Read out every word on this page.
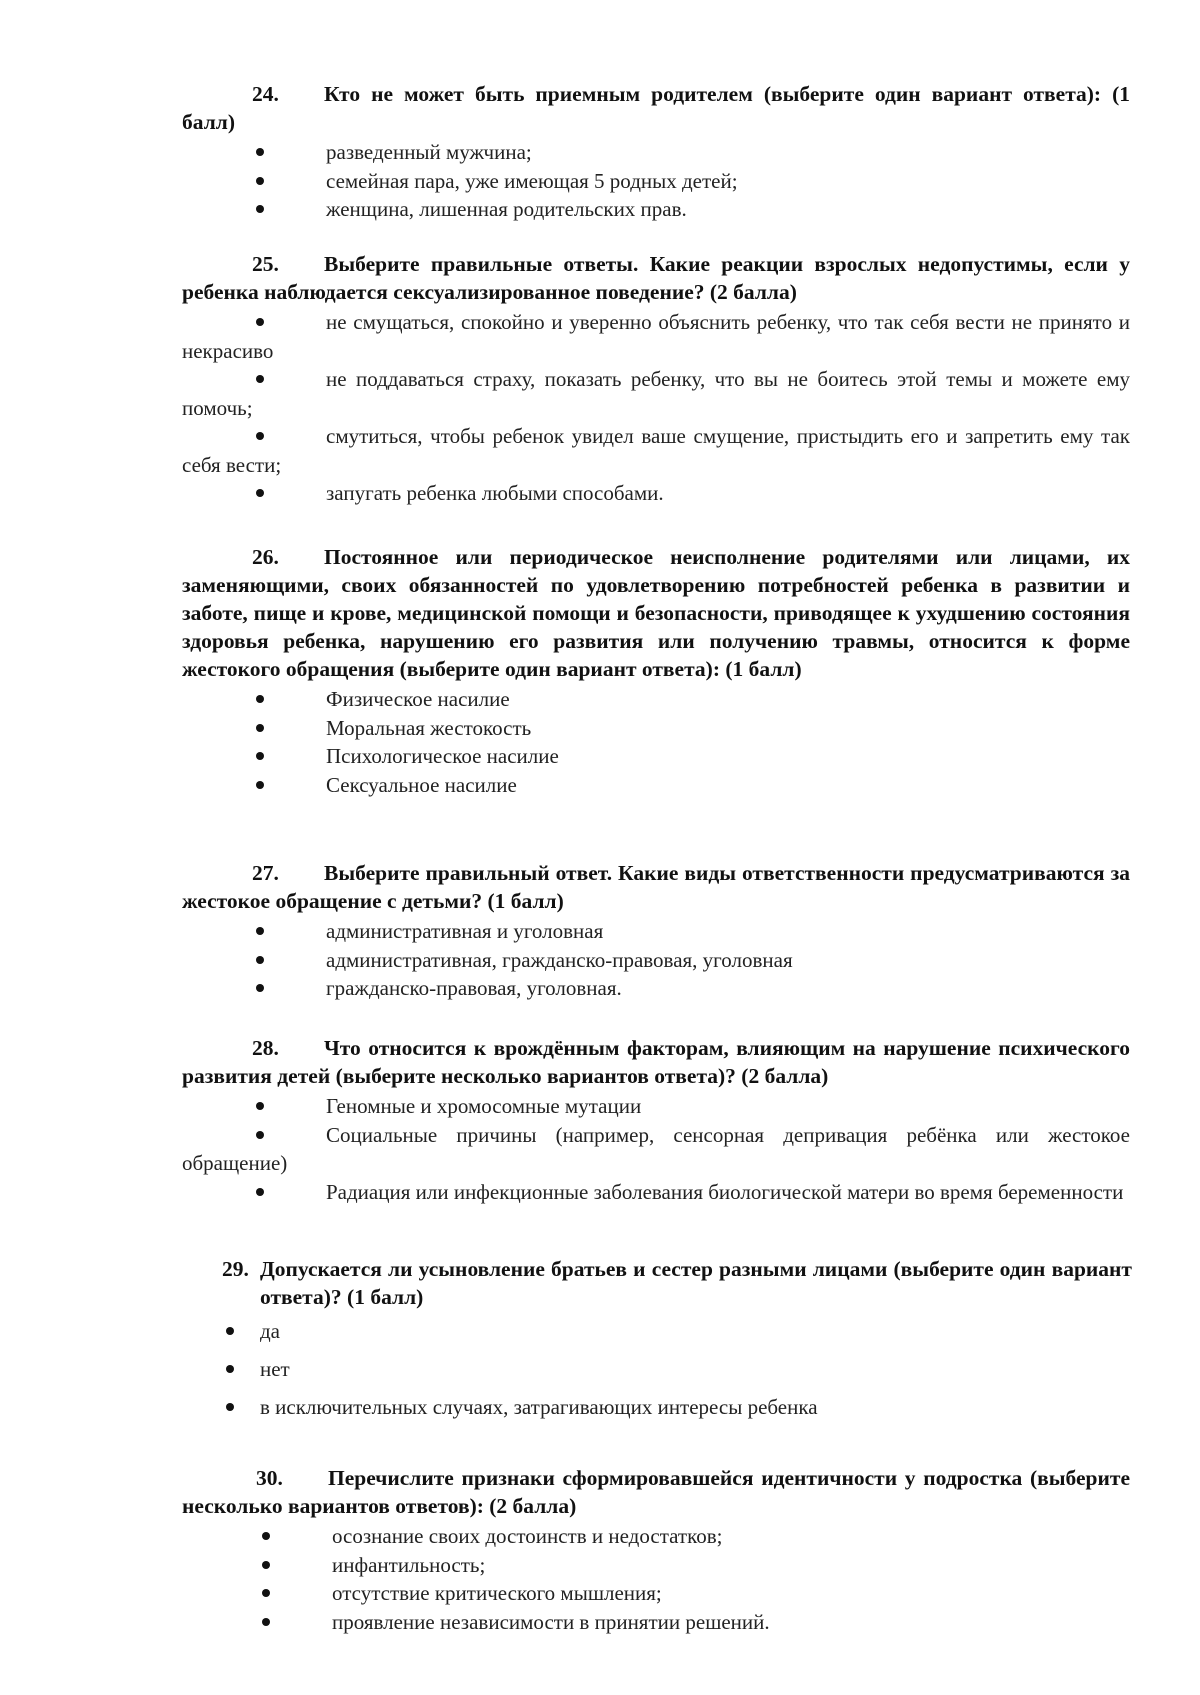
24. Кто не может быть приемным родителем (выберите один вариант ответа): (1 балл)
разведенный мужчина;
семейная пара, уже имеющая 5 родных детей;
женщина, лишенная родительских прав.
25. Выберите правильные ответы. Какие реакции взрослых недопустимы, если у ребенка наблюдается сексуализированное поведение? (2 балла)
не смущаться, спокойно и уверенно объяснить ребенку, что так себя вести не принято и некрасиво
не поддаваться страху, показать ребенку, что вы не боитесь этой темы и можете ему помочь;
смутиться, чтобы ребенок увидел ваше смущение, пристыдить его и запретить ему так себя вести;
запугать ребенка любыми способами.
26. Постоянное или периодическое неисполнение родителями или лицами, их заменяющими, своих обязанностей по удовлетворению потребностей ребенка в развитии и заботе, пище и крове, медицинской помощи и безопасности, приводящее к ухудшению состояния здоровья ребенка, нарушению его развития или получению травмы, относится к форме жестокого обращения (выберите один вариант ответа): (1 балл)
Физическое насилие
Моральная жестокость
Психологическое насилие
Сексуальное насилие
27. Выберите правильный ответ. Какие виды ответственности предусматриваются за жестокое обращение с детьми? (1 балл)
административная и уголовная
административная, гражданско-правовая, уголовная
гражданско-правовая, уголовная.
28. Что относится к врождённым факторам, влияющим на нарушение психического развития детей (выберите несколько вариантов ответа)? (2 балла)
Геномные и хромосомные мутации
Социальные причины (например, сенсорная депривация ребёнка или жестокое обращение)
Радиация или инфекционные заболевания биологической матери во время беременности
29. Допускается ли усыновление братьев и сестер разными лицами (выберите один вариант ответа)? (1 балл)
да
нет
в исключительных случаях, затрагивающих интересы ребенка
30. Перечислите признаки сформировавшейся идентичности у подростка (выберите несколько вариантов ответов): (2 балла)
осознание своих достоинств и недостатков;
инфантильность;
отсутствие критического мышления;
проявление независимости в принятии решений.
